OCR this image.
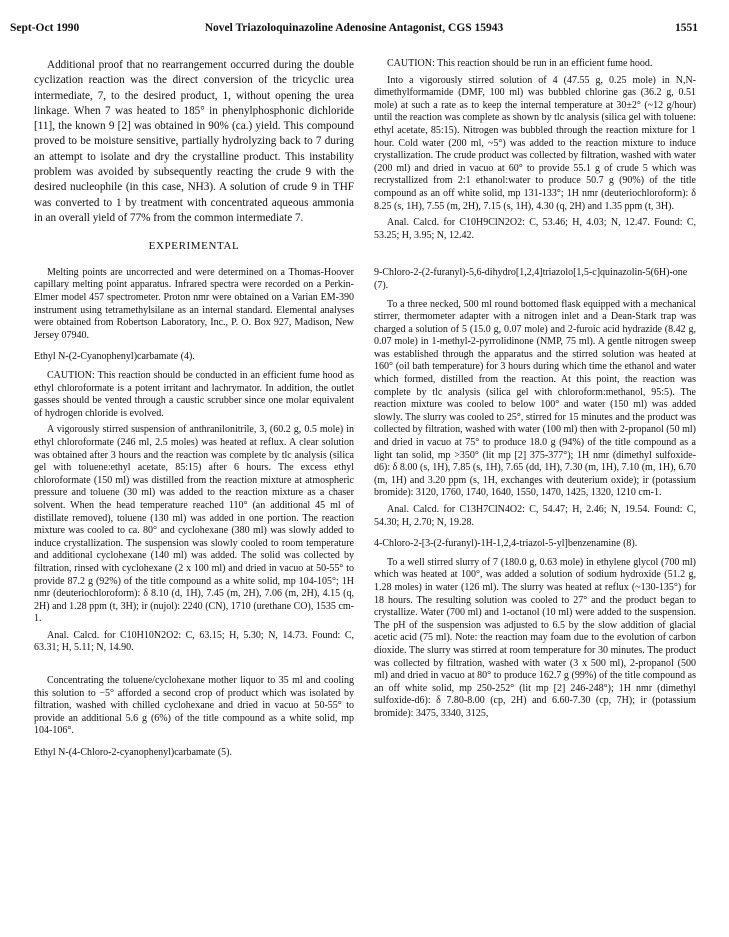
Sept-Oct 1990	Novel Triazoloquinazoline Adenosine Antagonist, CGS 15943	1551

Additional proof that no rearrangement occurred during the double cyclization reaction was the direct conversion of the tricyclic urea intermediate, 7, to the desired product, 1, without opening the urea linkage. When 7 was heated to 185° in phenylphosphonic dichloride [11], the known 9 [2] was obtained in 90% (ca.) yield. This compound proved to be moisture sensitive, partially hydrolyzing back to 7 during an attempt to isolate and dry the crystalline product. This instability problem was avoided by subsequently reacting the crude 9 with the desired nucleophile (in this case, NH3). A solution of crude 9 in THF was converted to 1 by treatment with concentrated aqueous ammonia in an overall yield of 77% from the common intermediate 7.

EXPERIMENTAL

Melting points are uncorrected and were determined on a Thomas-Hoover capillary melting point apparatus. Infrared spectra were recorded on a Perkin-Elmer model 457 spectrometer. Proton nmr were obtained on a Varian EM-390 instrument using tetramethylsilane as an internal standard. Elemental analyses were obtained from Robertson Laboratory, Inc., P. O. Box 927, Madison, New Jersey 07940.

Ethyl N-(2-Cyanophenyl)carbamate (4).

CAUTION: This reaction should be conducted in an efficient fume hood as ethyl chloroformate is a potent irritant and lachrymator. In addition, the outlet gasses should be vented through a caustic scrubber since one molar equivalent of hydrogen chloride is evolved.

A vigorously stirred suspension of anthranilonitrile, 3, (60.2 g, 0.5 mole) in ethyl chloroformate (246 ml, 2.5 moles) was heated at reflux. A clear solution was obtained after 3 hours and the reaction was complete by tlc analysis (silica gel with toluene:ethyl acetate, 85:15) after 6 hours. The excess ethyl chloroformate (150 ml) was distilled from the reaction mixture at atmospheric pressure and toluene (30 ml) was added to the reaction mixture as a chaser solvent. When the head temperature reached 110° (an additional 45 ml of distillate removed), toluene (130 ml) was added in one portion. The reaction mixture was cooled to ca. 80° and cyclohexane (380 ml) was slowly added to induce crystallization. The suspension was slowly cooled to room temperature and additional cyclohexane (140 ml) was added. The solid was collected by filtration, rinsed with cyclohexane (2 x 100 ml) and dried in vacuo at 50-55° to provide 87.2 g (92%) of the title compound as a white solid, mp 104-105°; 1H nmr (deuteriochloroform): δ 8.10 (d, 1H), 7.45 (m, 2H), 7.06 (m, 2H), 4.15 (q, 2H) and 1.28 ppm (t, 3H); ir (nujol): 2240 (CN), 1710 (urethane CO), 1535 cm-1.

Anal. Calcd. for C10H10N2O2: C, 63.15; H, 5.30; N, 14.73. Found: C, 63.31; H, 5.11; N, 14.90.

Concentrating the toluene/cyclohexane mother liquor to 35 ml and cooling this solution to −5° afforded a second crop of product which was isolated by filtration, washed with chilled cyclohexane and dried in vacuo at 50-55° to provide an additional 5.6 g (6%) of the title compound as a white solid, mp 104-106°.

Ethyl N-(4-Chloro-2-cyanophenyl)carbamate (5).

CAUTION: This reaction should be run in an efficient fume hood.

Into a vigorously stirred solution of 4 (47.55 g, 0.25 mole) in N,N-dimethylformamide (DMF, 100 ml) was bubbled chlorine gas (36.2 g, 0.51 mole) at such a rate as to keep the internal temperature at 30±2° (~12 g/hour) until the reaction was complete as shown by tlc analysis (silica gel with toluene: ethyl acetate, 85:15). Nitrogen was bubbled through the reaction mixture for 1 hour. Cold water (200 ml, ~5°) was added to the reaction mixture to induce crystallization. The crude product was collected by filtration, washed with water (200 ml) and dried in vacuo at 60° to provide 55.1 g of crude 5 which was recrystallized from 2:1 ethanol:water to produce 50.7 g (90%) of the title compound as an off white solid, mp 131-133°; 1H nmr (deuteriochloroform): δ 8.25 (s, 1H), 7.55 (m, 2H), 7.15 (s, 1H), 4.30 (q, 2H) and 1.35 ppm (t, 3H).

Anal. Calcd. for C10H9ClN2O2: C, 53.46; H, 4.03; N, 12.47. Found: C, 53.25; H, 3.95; N, 12.42.

9-Chloro-2-(2-furanyl)-5,6-dihydro[1,2,4]triazolo[1,5-c]quinazolin-5(6H)-one (7).

To a three necked, 500 ml round bottomed flask equipped with a mechanical stirrer, thermometer adapter with a nitrogen inlet and a Dean-Stark trap was charged a solution of 5 (15.0 g, 0.07 mole) and 2-furoic acid hydrazide (8.42 g, 0.07 mole) in 1-methyl-2-pyrrolidinone (NMP, 75 ml). A gentle nitrogen sweep was established through the apparatus and the stirred solution was heated at 160° (oil bath temperature) for 3 hours during which time the ethanol and water which formed, distilled from the reaction. At this point, the reaction was complete by tlc analysis (silica gel with chloroform:methanol, 95:5). The reaction mixture was cooled to below 100° and water (150 ml) was added slowly. The slurry was cooled to 25°, stirred for 15 minutes and the product was collected by filtration, washed with water (100 ml) then with 2-propanol (50 ml) and dried in vacuo at 75° to produce 18.0 g (94%) of the title compound as a light tan solid, mp >350° (lit mp [2] 375-377°); 1H nmr (dimethyl sulfoxide-d6): δ 8.00 (s, 1H), 7.85 (s, 1H), 7.65 (dd, 1H), 7.30 (m, 1H), 7.10 (m, 1H), 6.70 (m, 1H) and 3.20 ppm (s, 1H, exchanges with deuterium oxide); ir (potassium bromide): 3120, 1760, 1740, 1640, 1550, 1470, 1425, 1320, 1210 cm-1.

Anal. Calcd. for C13H7ClN4O2: C, 54.47; H, 2.46; N, 19.54. Found: C, 54.30; H, 2.70; N, 19.28.

4-Chloro-2-[3-(2-furanyl)-1H-1,2,4-triazol-5-yl]benzenamine (8).

To a well stirred slurry of 7 (180.0 g, 0.63 mole) in ethylene glycol (700 ml) which was heated at 100°, was added a solution of sodium hydroxide (51.2 g, 1.28 moles) in water (126 ml). The slurry was heated at reflux (~130-135°) for 18 hours. The resulting solution was cooled to 27° and the product began to crystallize. Water (700 ml) and 1-octanol (10 ml) were added to the suspension. The pH of the suspension was adjusted to 6.5 by the slow addition of glacial acetic acid (75 ml). Note: the reaction may foam due to the evolution of carbon dioxide. The slurry was stirred at room temperature for 30 minutes. The product was collected by filtration, washed with water (3 x 500 ml), 2-propanol (500 ml) and dried in vacuo at 80° to produce 162.7 g (99%) of the title compound as an off white solid, mp 250-252° (lit mp [2] 246-248°); 1H nmr (dimethyl sulfoxide-d6): δ 7.80-8.00 (cp, 2H) and 6.60-7.30 (cp, 7H); ir (potassium bromide): 3475, 3340, 3125,
